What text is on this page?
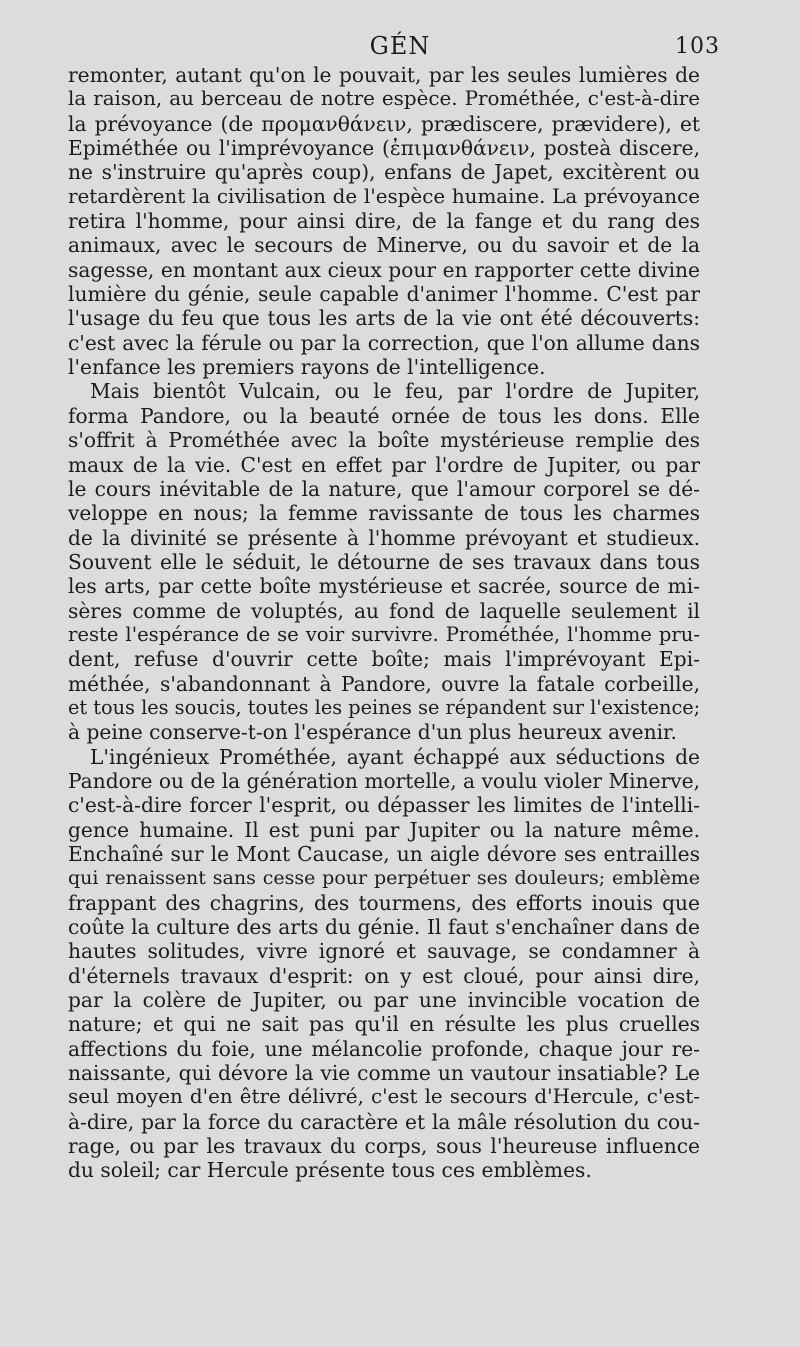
GÉN	103
remonter, autant qu'on le pouvait, par les seules lumières de
la raison, au berceau de notre espèce. Prométhée, c'est-à-dire
la prévoyance (de προμανθάνειν, prædiscere, prævidere), et
Epiméthée ou l'imprévoyance (ἐπιμανθάνειν, posteà discere,
ne s'instruire qu'après coup), enfans de Japet, excitèrent ou
retardèrent la civilisation de l'espèce humaine. La prévoyance
retira l'homme, pour ainsi dire, de la fange et du rang des
animaux, avec le secours de Minerve, ou du savoir et de la
sagesse, en montant aux cieux pour en rapporter cette divine
lumière du génie, seule capable d'animer l'homme. C'est par
l'usage du feu que tous les arts de la vie ont été découverts:
c'est avec la férule ou par la correction, que l'on allume dans
l'enfance les premiers rayons de l'intelligence.
Mais bientôt Vulcain, ou le feu, par l'ordre de Jupiter,
forma Pandore, ou la beauté ornée de tous les dons. Elle
s'offrit à Prométhée avec la boîte mystérieuse remplie des
maux de la vie. C'est en effet par l'ordre de Jupiter, ou par
le cours inévitable de la nature, que l'amour corporel se dé-
veloppe en nous; la femme ravissante de tous les charmes
de la divinité se présente à l'homme prévoyant et studieux.
Souvent elle le séduit, le détourne de ses travaux dans tous
les arts, par cette boîte mystérieuse et sacrée, source de mi-
sères comme de voluptés, au fond de laquelle seulement il
reste l'espérance de se voir survivre. Prométhée, l'homme pru-
dent, refuse d'ouvrir cette boîte; mais l'imprévoyant Epi-
méthée, s'abandonnant à Pandore, ouvre la fatale corbeille,
et tous les soucis, toutes les peines se répandent sur l'existence;
à peine conserve-t-on l'espérance d'un plus heureux avenir.
L'ingénieux Prométhée, ayant échappé aux séductions de
Pandore ou de la génération mortelle, a voulu violer Minerve,
c'est-à-dire forcer l'esprit, ou dépasser les limites de l'intelli-
gence humaine. Il est puni par Jupiter ou la nature même.
Enchaîné sur le Mont Caucase, un aigle dévore ses entrailles
qui renaissent sans cesse pour perpétuer ses douleurs; emblème
frappant des chagrins, des tourmens, des efforts inouis que
coûte la culture des arts du génie. Il faut s'enchaîner dans de
hautes solitudes, vivre ignoré et sauvage, se condamner à
d'éternels travaux d'esprit: on y est cloué, pour ainsi dire,
par la colère de Jupiter, ou par une invincible vocation de
nature; et qui ne sait pas qu'il en résulte les plus cruelles
affections du foie, une mélancolie profonde, chaque jour re-
naissante, qui dévore la vie comme un vautour insatiable? Le
seul moyen d'en être délivré, c'est le secours d'Hercule, c'est-
à-dire, par la force du caractère et la mâle résolution du cou-
rage, ou par les travaux du corps, sous l'heureuse influence
du soleil; car Hercule présente tous ces emblèmes.
